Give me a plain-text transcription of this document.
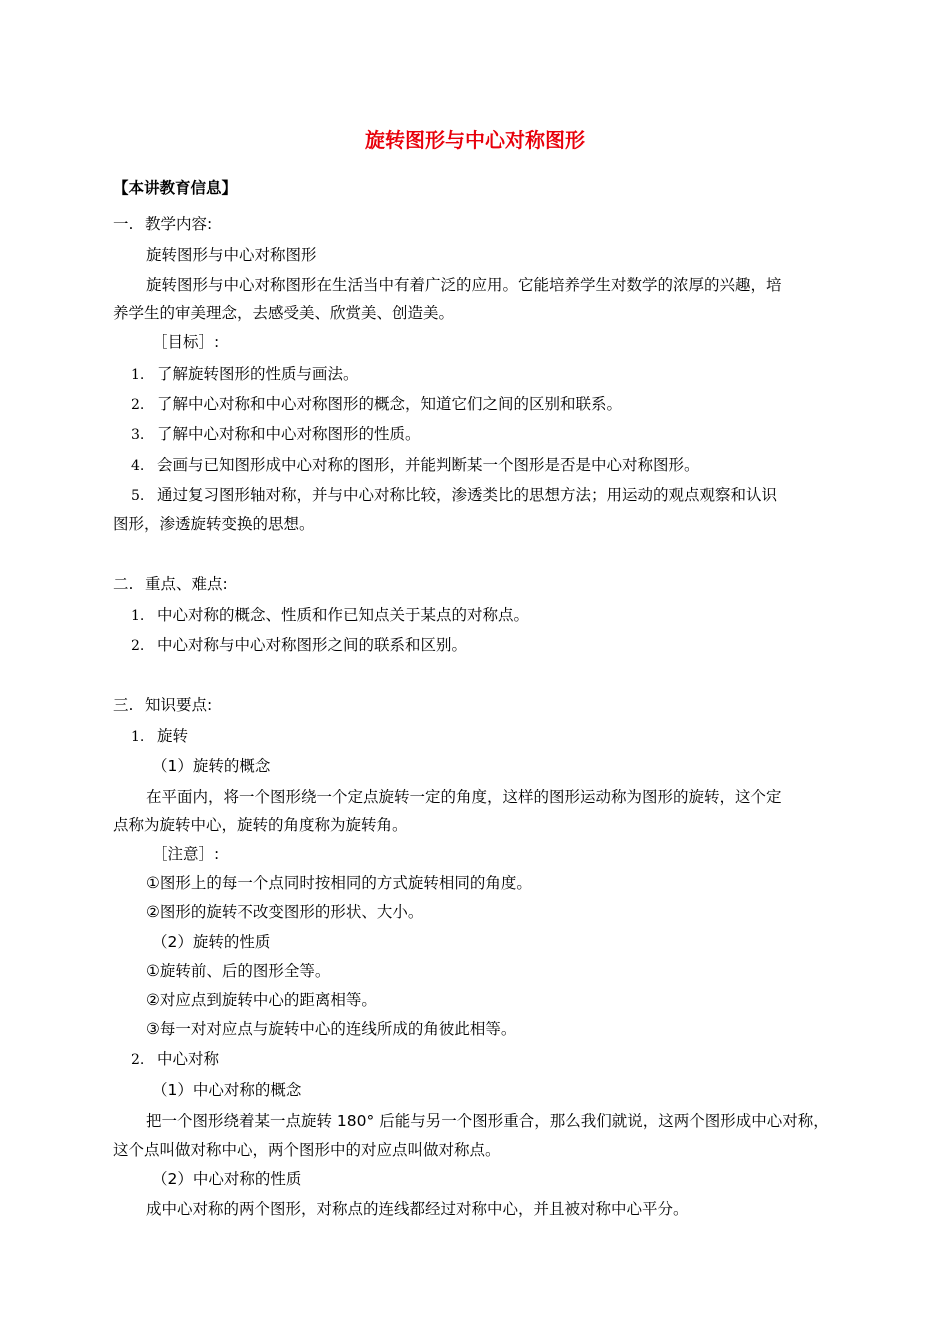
旋转图形与中心对称图形
【本讲教育信息】
一. 教学内容:
旋转图形与中心对称图形
旋转图形与中心对称图形在生活当中有着广泛的应用。它能培养学生对数学的浓厚的兴趣，培
养学生的审美理念，去感受美、欣赏美、创造美。
［目标］:
1. 了解旋转图形的性质与画法。
2. 了解中心对称和中心对称图形的概念，知道它们之间的区别和联系。
3. 了解中心对称和中心对称图形的性质。
4. 会画与已知图形成中心对称的图形，并能判断某一个图形是否是中心对称图形。
5. 通过复习图形轴对称，并与中心对称比较，渗透类比的思想方法；用运动的观点观察和认识
图形，渗透旋转变换的思想。
二. 重点、难点:
1. 中心对称的概念、性质和作已知点关于某点的对称点。
2. 中心对称与中心对称图形之间的联系和区别。
三. 知识要点:
1. 旋转
（1）旋转的概念
在平面内，将一个图形绕一个定点旋转一定的角度，这样的图形运动称为图形的旋转，这个定
点称为旋转中心，旋转的角度称为旋转角。
［注意］:
①图形上的每一个点同时按相同的方式旋转相同的角度。
②图形的旋转不改变图形的形状、大小。
（2）旋转的性质
①旋转前、后的图形全等。
②对应点到旋转中心的距离相等。
③每一对对应点与旋转中心的连线所成的角彼此相等。
2. 中心对称
（1）中心对称的概念
把一个图形绕着某一点旋转 180° 后能与另一个图形重合，那么我们就说，这两个图形成中心对称，
这个点叫做对称中心，两个图形中的对应点叫做对称点。
（2）中心对称的性质
成中心对称的两个图形，对称点的连线都经过对称中心，并且被对称中心平分。
